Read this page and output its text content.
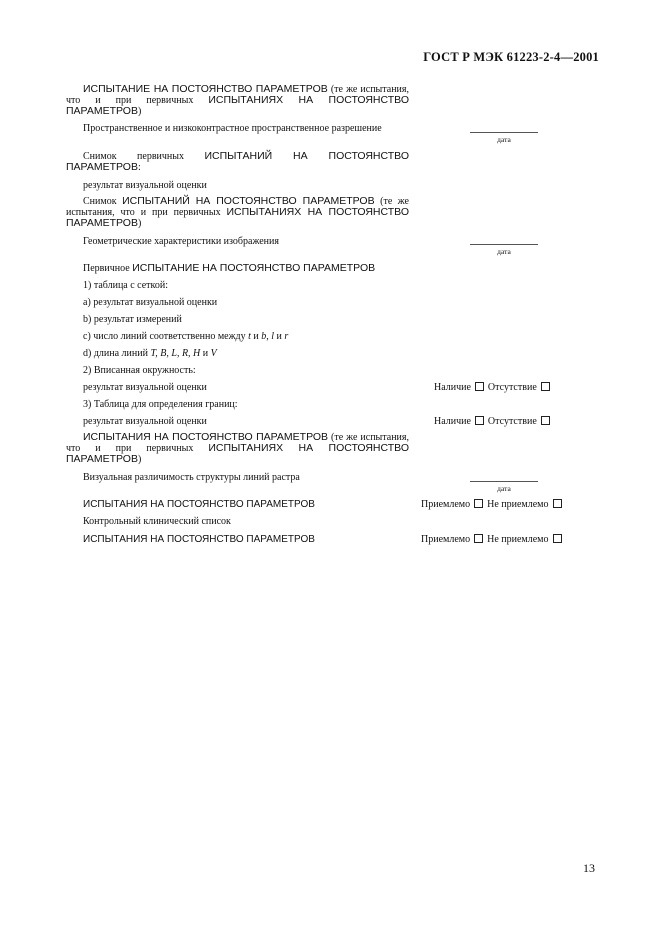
ГОСТ Р МЭК 61223-2-4—2001
ИСПЫТАНИЕ НА ПОСТОЯНСТВО ПАРАМЕТРОВ (те же испытания, что и при первичных ИСПЫТАНИЯХ НА ПОСТОЯНСТВО ПАРАМЕТРОВ)
Пространственное и низкоконтрастное пространственное разрешение
дата
Снимок первичных ИСПЫТАНИЙ НА ПОСТОЯНСТВО ПАРАМЕТРОВ:
результат визуальной оценки
Снимок ИСПЫТАНИЙ НА ПОСТОЯНСТВО ПАРАМЕТРОВ (те же испытания, что и при первичных ИСПЫТАНИЯХ НА ПОСТОЯНСТВО ПАРАМЕТРОВ)
Геометрические характеристики изображения
дата
Первичное ИСПЫТАНИЕ НА ПОСТОЯНСТВО ПАРАМЕТРОВ
1) таблица с сеткой:
a) результат визуальной оценки
b) результат измерений
c) число линий соответственно между t и b, l и r
d) длина линий T, B, L, R, H и V
2) Вписанная окружность:
результат визуальной оценки	Наличие Отсутствие
3) Таблица для определения границ:
результат визуальной оценки	Наличие Отсутствие
ИСПЫТАНИЯ НА ПОСТОЯНСТВО ПАРАМЕТРОВ (те же испытания, что и при первичных ИСПЫТАНИЯХ НА ПОСТОЯНСТВО ПАРАМЕТРОВ)
Визуальная различимость структуры линий растра
дата
ИСПЫТАНИЯ НА ПОСТОЯНСТВО ПАРАМЕТРОВ	Приемлемо Не приемлемо
Контрольный клинический список
ИСПЫТАНИЯ НА ПОСТОЯНСТВО ПАРАМЕТРОВ	Приемлемо Не приемлемо
13
